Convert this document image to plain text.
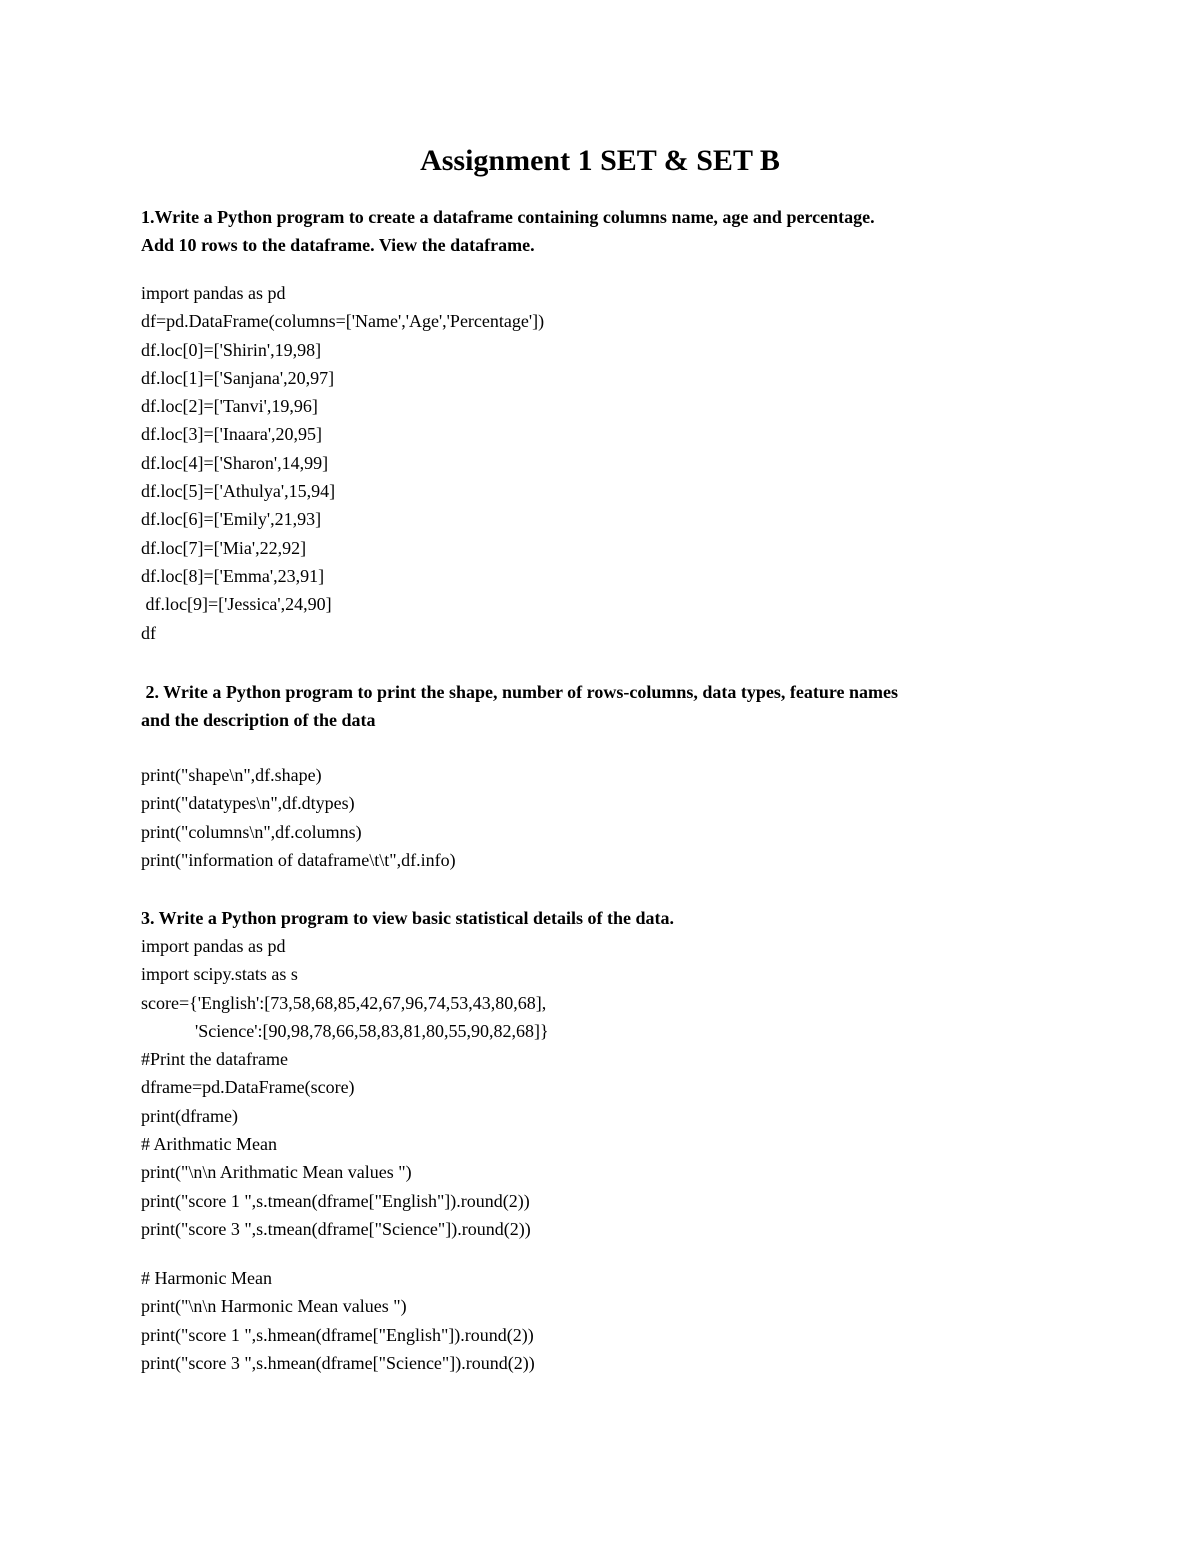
Assignment 1 SET & SET B
1.Write a Python program to create a dataframe containing columns name, age and percentage.
Add 10 rows to the dataframe. View the dataframe.
import pandas as pd
df=pd.DataFrame(columns=['Name','Age','Percentage'])
df.loc[0]=['Shirin',19,98]
df.loc[1]=['Sanjana',20,97]
df.loc[2]=['Tanvi',19,96]
df.loc[3]=['Inaara',20,95]
df.loc[4]=['Sharon',14,99]
df.loc[5]=['Athulya',15,94]
df.loc[6]=['Emily',21,93]
df.loc[7]=['Mia',22,92]
df.loc[8]=['Emma',23,91]
df.loc[9]=['Jessica',24,90]
df
2. Write a Python program to print the shape, number of rows-columns, data types, feature names
and the description of the data
print("shape\n",df.shape)
print("datatypes\n",df.dtypes)
print("columns\n",df.columns)
print("information of dataframe\t\t",df.info)
3. Write a Python program to view basic statistical details of the data.
import pandas as pd
import scipy.stats as s
score={'English':[73,58,68,85,42,67,96,74,53,43,80,68],
'Science':[90,98,78,66,58,83,81,80,55,90,82,68]}
#Print the dataframe
dframe=pd.DataFrame(score)
print(dframe)
# Arithmatic Mean
print("\n\n Arithmatic Mean values ")
print("score 1 ",s.tmean(dframe["English"]).round(2))
print("score 3 ",s.tmean(dframe["Science"]).round(2))
# Harmonic Mean
print("\n\n Harmonic Mean values ")
print("score 1 ",s.hmean(dframe["English"]).round(2))
print("score 3 ",s.hmean(dframe["Science"]).round(2))
